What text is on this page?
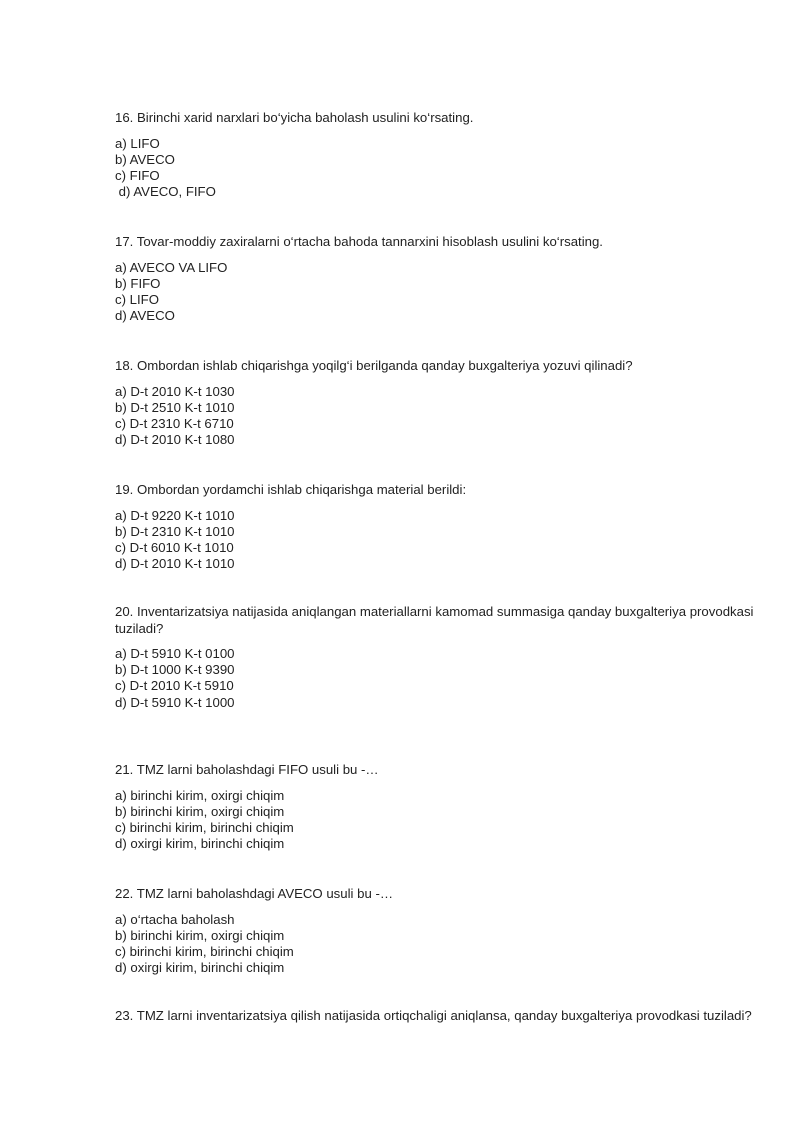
16. Birinchi xarid narxlari bo‘yicha baholash usulini ko‘rsating.

a) LIFO
b) AVECO
c) FIFO
d) AVECO, FIFO

17. Tovar-moddiy zaxiralarni o‘rtacha bahoda tannarxini hisoblash usulini ko‘rsating.

a) AVECO VA LIFO
b) FIFO
c) LIFO
d) AVECO

18. Ombordan ishlab chiqarishga yoqilg‘i berilganda qanday buxgalteriya yozuvi qilinadi?

a) D-t 2010 K-t 1030
b) D-t 2510 K-t 1010
c) D-t 2310 K-t 6710
d) D-t 2010 K-t 1080

19. Ombordan yordamchi ishlab chiqarishga material berildi:

a) D-t 9220 K-t 1010
b) D-t 2310 K-t 1010
c) D-t 6010 K-t 1010
d) D-t 2010 K-t 1010

20. Inventarizatsiya natijasida aniqlangan materiallarni kamomad summasiga qanday buxgalteriya provodkasi tuziladi?

a) D-t 5910 K-t 0100
b) D-t 1000 K-t 9390
c) D-t 2010 K-t 5910
d) D-t 5910 K-t 1000

21. TMZ larni baholashdagi FIFO usuli bu -…

a) birinchi kirim, oxirgi chiqim
b) birinchi kirim, oxirgi chiqim
c) birinchi kirim, birinchi chiqim
d) oxirgi kirim, birinchi chiqim

22. TMZ larni baholashdagi AVECO usuli bu -…

a) o‘rtacha baholash
b) birinchi kirim, oxirgi chiqim
c) birinchi kirim, birinchi chiqim
d) oxirgi kirim, birinchi chiqim

23. TMZ larni inventarizatsiya qilish natijasida ortiqchaligi aniqlansa, qanday buxgalteriya provodkasi tuziladi?
